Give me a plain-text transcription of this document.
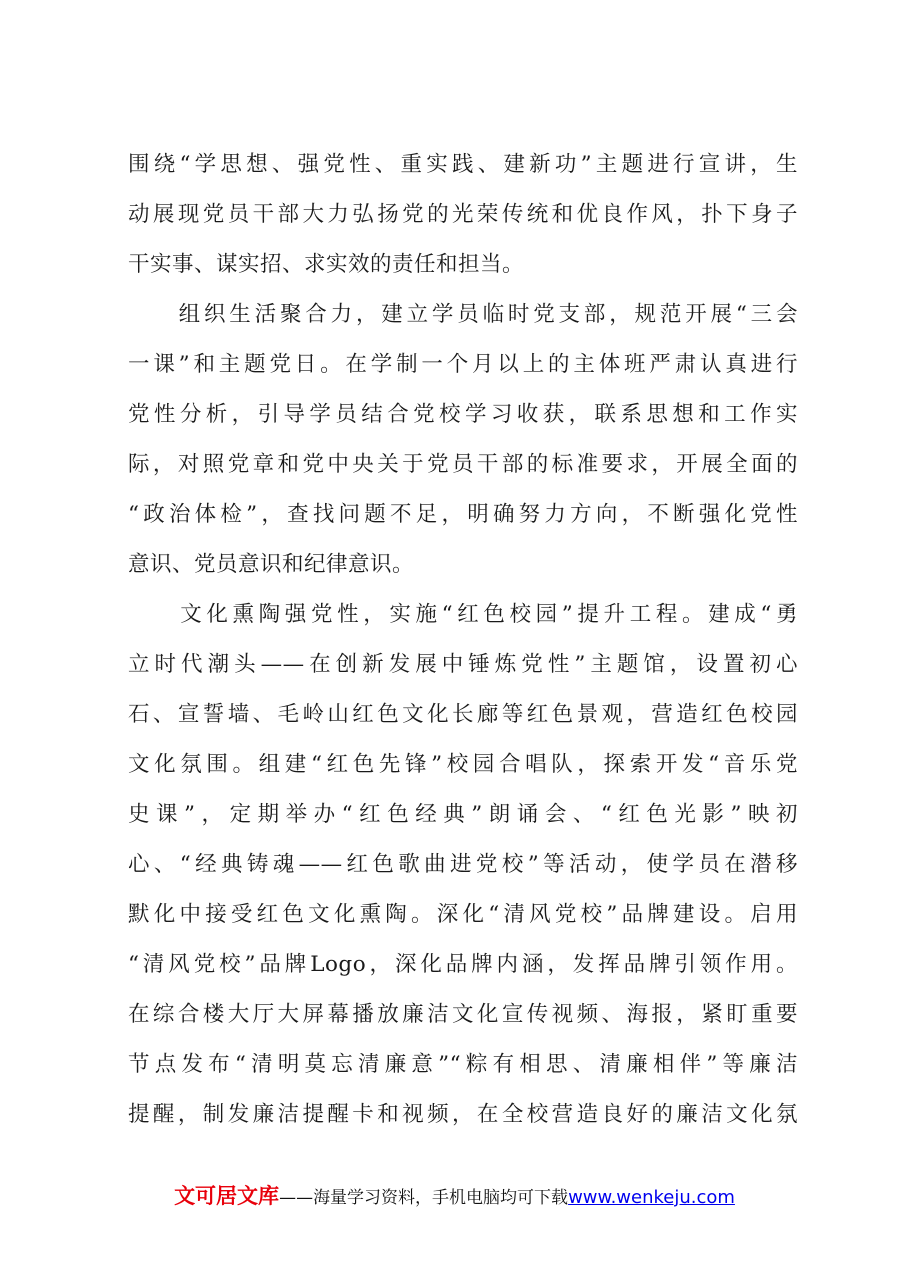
围绕“学思想、强党性、重实践、建新功”主题进行宣讲，生
动展现党员干部大力弘扬党的光荣传统和优良作风，扑下身子
干实事、谋实招、求实效的责任和担当。
　　组织生活聚合力，建立学员临时党支部，规范开展“三会
一课”和主题党日。在学制一个月以上的主体班严肃认真进行
党性分析，引导学员结合党校学习收获，联系思想和工作实
际，对照党章和党中央关于党员干部的标准要求，开展全面的
“政治体检”，查找问题不足，明确努力方向，不断强化党性
意识、党员意识和纪律意识。
　　文化熏陶强党性，实施“红色校园”提升工程。建成“勇
立时代潮头——在创新发展中锤炼党性”主题馆，设置初心
石、宣誓墙、毛岭山红色文化长廊等红色景观，营造红色校园
文化氛围。组建“红色先锋”校园合唱队，探索开发“音乐党
史课”，定期举办“红色经典”朗诵会、“红色光影”映初
心、“经典铸魂——红色歌曲进党校”等活动，使学员在潜移
默化中接受红色文化熏陶。深化“清风党校”品牌建设。启用
“清风党校”品牌Logo，深化品牌内涵，发挥品牌引领作用。
在综合楼大厅大屏幕播放廉洁文化宣传视频、海报，紧盯重要
节点发布“清明莫忘清廉意”“粽有相思、清廉相伴”等廉洁
提醒，制发廉洁提醒卡和视频，在全校营造良好的廉洁文化氛
文可居文库——海量学习资料，手机电脑均可下载www.wenkeju.com
